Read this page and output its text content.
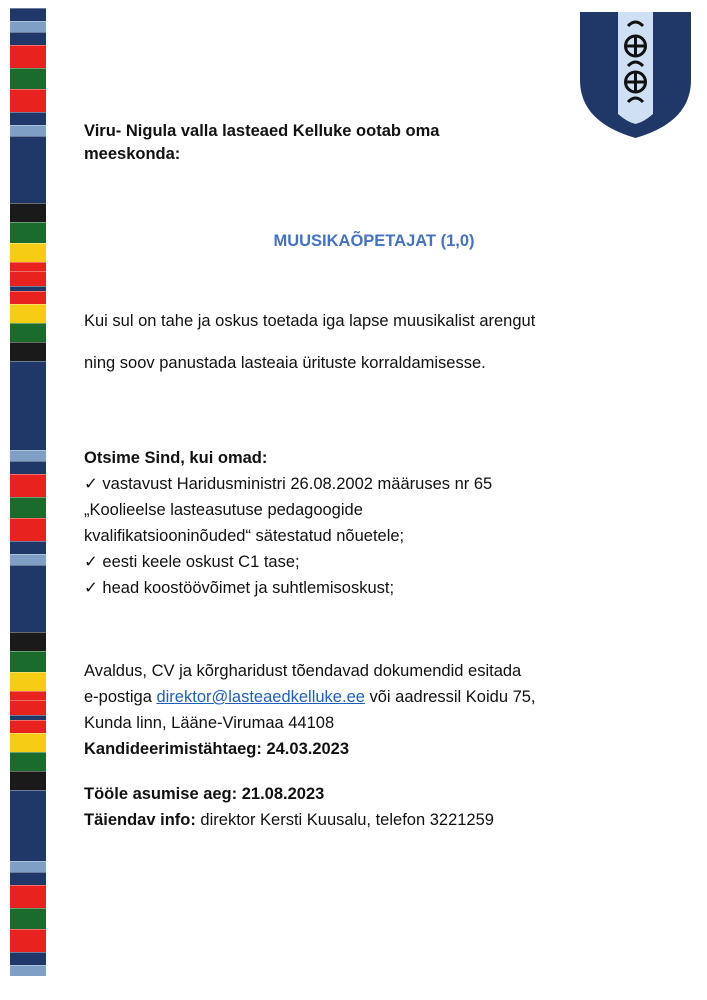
Viru- Nigula valla lasteaed Kelluke ootab oma

meeskonda:

MUUSIKAÕPETAJAT (1,0)

Kui sul on tahe ja oskus toetada iga lapse muusikalist arengut

ning soov panustada lasteaia ürituste korraldamisesse.

Otsime Sind, kui omad:

✓ vastavust Haridusministri 26.08.2002 määruses nr 65

„Koolieelse lasteasutuse pedagoogide

kvalifikatsiooninõuded“ sätestatud nõuetele;

✓ eesti keele oskust C1 tase;

✓ head koostöövõimet ja suhtlemisoskust;

Avaldus, CV ja kõrgharidust tõendavad dokumendid esitada

e-postiga direktor@lasteaedkelluke.ee või aadressil Koidu 75,

Kunda linn, Lääne-Virumaa 44108

Kandideerimistähtaeg: 24.03.2023

Tööle asumise aeg: 21.08.2023

Täiendav info: direktor Kersti Kuusalu, telefon 3221259
